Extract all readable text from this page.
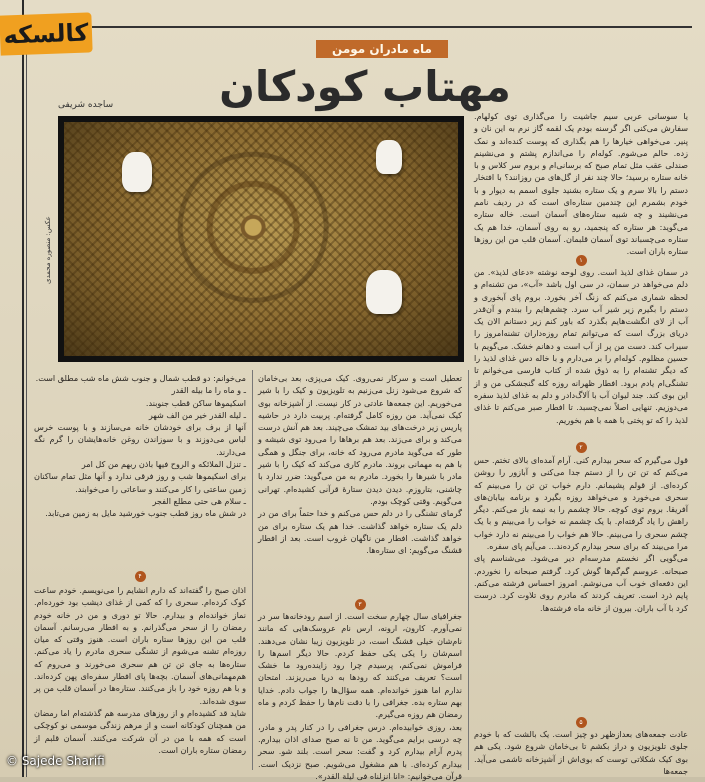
کالسکه	ماه مادران مومن
مهتاب کودکان
ساجده شریفی
عکس: منصوره محمدی

یا سوسانی عربی سیم جاشیت را می‌گذاری توی کولهام. سفارش می‌کنی اگر گرسنه بودم یک لقمه گاز نرم به این نان و پنیر. می‌خواهی خیارها را هم بگذاری که پوست کنده‌اند و نمک زده. حالم می‌شوم. کوله‌ام را می‌اندازم پشتم و می‌نشینم صندلی عقب مثل تمام صبح که برسانی‌ام و بروم سر کلاس و با خانه ستاره برسید؛ حالا چند نفر از گل‌های من روزانند؟ با افتخار دستم را بالا سرم و یک ستاره بشنید جلوی اسمم به دیوار و با خودم بشمرم این چندمین ستاره‌ای است که در ردیف نامم می‌نشیند و چه شبیه ستاره‌های آسمان است. خاله ستاره می‌گوید: هر ستاره که پنجمید، رو به روی آسمان، خدا هم یک ستاره می‌چسباند توی آسمان قلبمان. آسمان قلب من این روزها ستاره باران است.

۱

در سمان غذای لذیذ است. روی لوحه نوشته «دعای لذیذ». من دلم می‌خواهد در سمان، در سی اول باشد «آب»، من تشنه‌ام و لحظه شماری می‌کنم که زنگ آخر بخورد. بروم پای آبخوری و دستم را بگیرم زیر شیر آب سرد. چشم‌هایم را ببندم و آن‌قدر آب از لای انگشت‌هایم بگذرد که باور کنم زیر دستانم الان یک دریای بزرگ است که می‌توانم تمام روزه‌داران تشنه‌امروز را سیراب کند. دست من پر از آب است و دهانم خشک. می‌گویم با حسین مظلوم. کوله‌ام را بر می‌دارم و با خاله دس غذای لذیذ را که دیگر تشنه‌ام را به ذوق شده از کتاب فارسی می‌خوانم تا تشنگی‌ام یادم برود. افطار ظهرانه روزه کله گنجشکی من و از این بوی کند. جند لیوان آب با آلاگ‌دادر و دلم به غذای لذیذ سفره می‌دوزیم. تنهایی اصلاً نمی‌چسبد. تا افطار صبر می‌کنم تا غذای لذیذ را که تو پختی با همه با هم بخوریم.

۲

قول می‌گیرم که سحر بیدارم کنی. آرام آمده‌ای بالای تختم. حس می‌کنم که تن تن را از دستم جدا می‌کنی و آبازور را روشن کرده‌ای. از قولم پشیمانم. دارم خواب تن تن را می‌بینم که سحری می‌خورد و می‌خواهد روزه بگیرد و برنامه بیابان‌های آفریقا. بروم توی کوچه. حالا چشمم را به نیمه باز می‌کنم. دیگر راهش را یاد گرفته‌ام. با یک چشمم نه خواب را می‌بینم و با یک چشم سحری را می‌بینم. حالا هم خواب را می‌بینم نه دارد خواب مرا می‌بیند که برای سحر بیدارم کرده‌ند... می‌آیم پای سفره.

می‌گویی اگر نخستم مدرسه‌ام دیر می‌شود. می‌شناسم پای صبحانه. عروسم گم‌گم‌ها گوش کرد. گرفتم صبحانه را نخوردم. این دفعه‌ای خوب آب می‌نوشم. امروز احساس فرشته می‌کنم. پایم ذرد است. تعریف کردند که مادرم روی تلاوت کرد. درست کرد با آب باران. بیرون از خانه ماه فرشته‌ها.

تعطیل است و سرکار نمی‌روی. کیک می‌پزی، بعد بی‌خامان که شروع می‌شود زنل می‌زنیم به تلویزیون و کیک را با شیر می‌خوریم. این جمعه‌ها عادتی در کار نیست. از آشپزخانه بوی کیک نمی‌آید. من روزه کامل گرفته‌ام. پربیت دارد در حاشیه پاریس زیر درخت‌های بید تمشک می‌چیند. بعد هم آنش درست می‌کند و برای می‌زند. بعد هم برها‌ها را می‌رود توی شیشه و طور که می‌گوید مادرم می‌رود که خانه، برای جنگل و همگی با هم به مهمانی بروند. مادرم کاری می‌کند که کیک را با شیر مادر با شیر‌ها را بخورد. مادرم به من می‌گوید: ضرر ندارد با چاشنی، بتاروزم. دیدن دیدن ستارهٔ قرآنی کشیده‌ام. تهرانی می‌گویم. وقتی کوچک بودم.

گرمای تشنگی را در دلم حس می‌کنم و خدا حتماً برای من در دلم یک ستاره خواهد گذاشت. خدا هم یک ستاره برای من خواهد گذاشت. افطار من ناگهان غروب است. بعد از افطار قشنگ می‌گویم: ای ستاره‌ها.

۳

جغرافیای سال چهارم سخت است. از اسم رودخانه‌ها سر در نمی‌آورم. کارون، ارونه، ارس نام عروسک‌هایی که مانند نام‌شان خیلی قشنگ است، در تلویزیون زیبا نشان می‌دهند. اسم‌شان را یکی یکی حفظ کردم. حالا دیگر اسم‌ها را فراموش نمی‌کنم، پرسیدم چرا رود زاینده‌رود ما خشک است؟ تعریف می‌کنند که رودها به دریا می‌ریزند. امتحان ندارم اما هنوز خوانده‌ام. همه سؤال‌ها را جواب دادم. خدایا بهم ستاره بده. جغرافی را با دقت نام‌ها را حفظ کردم و ماه رمضان هم روزه می‌گیرم.

بعد، روزی خوابیده‌ام. درس جغرافی را در کنار پدر و مادر، چه درسی برایم می‌گوید. من تا نه صبح صدای اذان بیدارم. پدرم آرام بیدارم کرد و گفت: سحر است. بلند شو. سحر بیدارم کرده‌ای. با هم مشغول می‌شویم. صبح نزدیک است. قرآن می‌خوانیم: «انا انزلناه فی لیلة القدر».

می‌خوانم: دو قطب شمال و جنوب شش ماه شب مطلق است.

ـ و ماه را ما بیله القدر

اسکیموها ساکن قطب جنوبند.

ـ لیله القدر خیر من الف شهر

آنها از برف برای خودشان خانه می‌سازند و با پوست خرس لباس می‌دوزند و با سوزاندن روغن خانه‌هایشان را گرم نگه می‌دارند.

ـ تنزل الملائکه و الروح فیها باذن ربهم من کل امر

برای اسکیموها شب و روز فرقی ندارد و آنها مثل تمام ساکنان زمین ساعتی را کار می‌کنند و ساعاتی را می‌خوابند.

ـ سلام هی حتی مطلع الفجر

در شش ماه روز قطب جنوب خورشید مایل به زمین می‌تابد.

۴

اذان صبح را گفته‌اند که دارم انشایم را می‌نویسم. خودم ساعت کوک کرده‌ام. سحری را که کمی از غذای دیشب بود خورده‌ام. نماز خوانده‌ام و بیدارم. حالا تو دوری و من در خانه خودم رمضان را از سحر می‌گذرانم. و به افطار می‌رسانم. آسمان قلب من این روزها ستاره باران است. هنوز وقتی که میان روزه‌ام تشنه می‌شوم از تشنگی سحری مادرم را یاد می‌کنم. ستاره‌ها به جای تن تن هم سحری می‌خورند و می‌روم که هم‌مهمانی‌های آسمان. بچه‌ها پای افطار سفره‌ای پهن کرده‌اند. و با هم روزه خود را باز می‌کنند. ستاره‌ها در آسمان قلب من پر سوی شده‌اند.

شاید قد کشیده‌ام و از روزهای مدرسه هم گذشته‌ام اما رمضان من همچنان کودکانه است و از مرهم زندگی موسمی نو کوچکی است که همه با من در آن شرکت می‌کنند. آسمان قلبم از رمضان ستاره باران است.

۵

عادت جمعه‌های بعدازظهر دو چیز است. یک بالشت که با خودم جلوی تلویزیون و دراز بکشم تا بی‌خامان شروع شود. یکی هم بوی کیک شکلاتی توست که بوی‌اش از آشپزخانه تا‌شمی می‌آید. جمعه‌ها

© Sajede Sharifi
